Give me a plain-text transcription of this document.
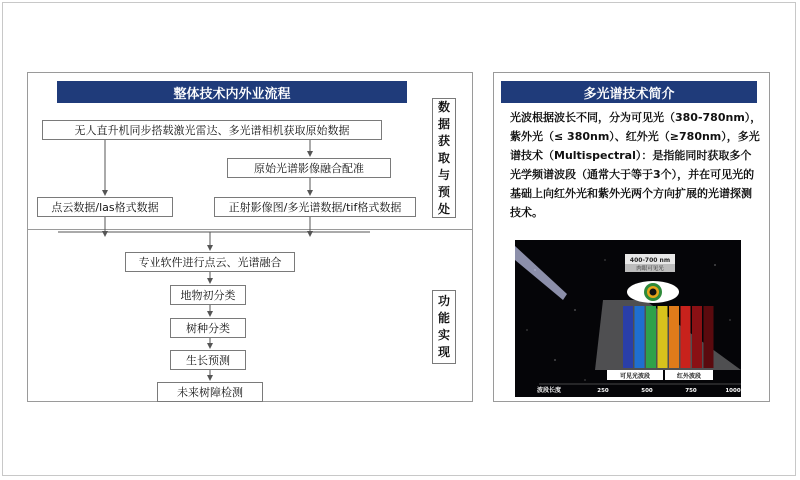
整体技术内外业流程
无人直升机同步搭载激光雷达、多光谱相机获取原始数据
原始光谱影像融合配准
点云数据/las格式数据	正射影像图/多光谱数据/tif格式数据
专业软件进行点云、光谱融合
地物初分类
树种分类
生长预测
未来树障检测
数
据
获
取
与
预
处
功
能
实
现
多光谱技术简介
光波根据波长不同，分为可见光（380-780nm），紫外光（≤ 380nm）、红外光（≥780nm），多光谱技术（Multispectral）：是指能同时获取多个光学频谱波段（通常大于等于3个），并在可见光的基础上向红外光和紫外光两个方向扩展的光谱探测技术。
400-700 nm
肉眼可见光
可见光波段	红外波段
波段长度	250	500	750	1000
